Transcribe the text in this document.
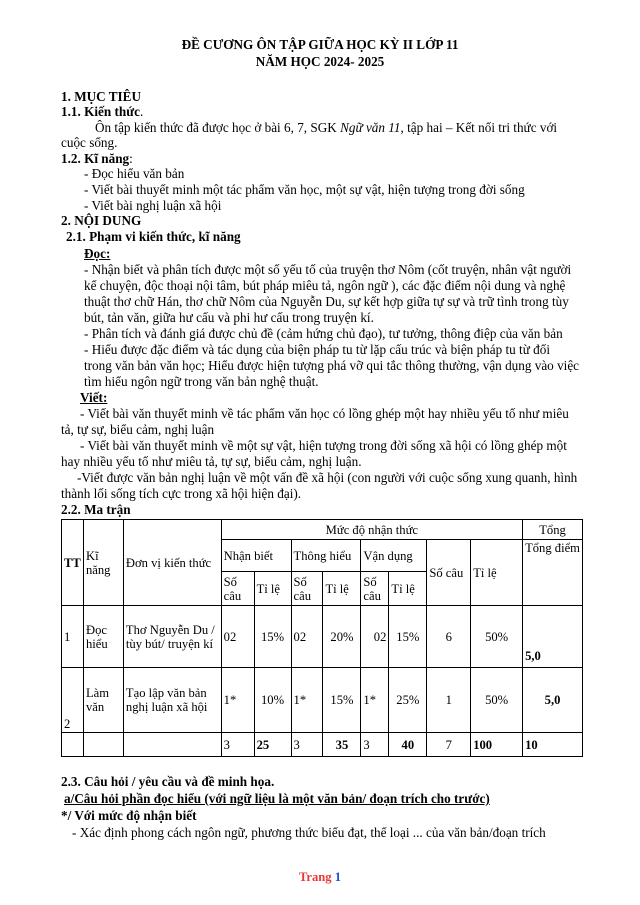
ĐỀ CƯƠNG ÔN TẬP GIỮA HỌC KỲ II LỚP 11
NĂM HỌC 2024- 2025
1. MỤC TIÊU
1.1. Kiến thức.
Ôn tập kiến thức đã được học ở bài 6, 7, SGK Ngữ văn 11, tập hai – Kết nối tri thức với
cuộc sống.
1.2. Kĩ năng:
- Đọc hiểu văn bản
- Viết bài thuyết minh một tác phẩm văn học, một sự vật, hiện tượng trong đời sống
- Viết bài nghị luận xã hội
2. NỘI DUNG
2.1. Phạm vi kiến thức, kĩ năng
Đọc:
- Nhận biết và phân tích được một số yếu tố của truyện thơ Nôm (cốt truyện, nhân vật người
kể chuyện, độc thoại nội tâm, bút pháp miêu tả, ngôn ngữ ), các đặc điểm nội dung và nghệ
thuật thơ chữ Hán, thơ chữ Nôm của Nguyễn Du, sự kết hợp giữa tự sự và trữ tình trong tùy
bút, tản văn, giữa hư cấu và phi hư cấu trong truyện kí.
- Phân tích và đánh giá được chủ đề (cảm hứng chủ đạo), tư tưởng, thông điệp của văn bản
- Hiểu được đặc điểm và tác dụng của biện pháp tu từ lặp cấu trúc và biện pháp tu từ đối
trong văn bản văn học; Hiểu được hiện tượng phá vỡ qui tắc thông thường, vận dụng vào việc
tìm hiểu ngôn ngữ trong văn bản nghệ thuật.
Viết:
- Viết bài văn thuyết minh về tác phẩm văn học có lồng ghép một hay nhiều yếu tố như miêu
tả, tự sự, biểu cảm, nghị luận
- Viết bài văn thuyết minh về một sự vật, hiện tượng trong đời sống xã hội có lồng ghép một
hay nhiều yếu tố như miêu tả, tự sự, biểu cảm, nghị luận.
-Viết được văn bản nghị luận về một vấn đề xã hội (con người với cuộc sống xung quanh, hình
thành lối sống tích cực trong xã hội hiện đại).
2.2. Ma trận
TT	Kĩ năng	Đơn vị kiến thức	Mức độ nhận thức								Tổng
			Nhận biết		Thông hiểu		Vận dụng		Số câu	Tỉ lệ	Tổng điểm
			Số câu	Tỉ lệ	Số câu	Tỉ lệ	Số câu	Tỉ lệ			
1	Đọc hiểu	Thơ Nguyễn Du / tùy bút/ truyện kí	02	15%	02	20%	02	15%	6	50%	5,0
2	Làm văn	Tạo lập văn bản nghị luận xã hội	1*	10%	1*	15%	1*	25%	1	50%	5,0
			3	25	3	35	3	40	7	100	10
2.3. Câu hỏi / yêu cầu và đề minh họa.
a/Câu hỏi phần đọc hiểu (với ngữ liệu là một văn bản/ đoạn trích cho trước)
*/ Với mức độ nhận biết
- Xác định phong cách ngôn ngữ, phương thức biểu đạt, thể loại ... của văn bản/đoạn trích
Trang 1
